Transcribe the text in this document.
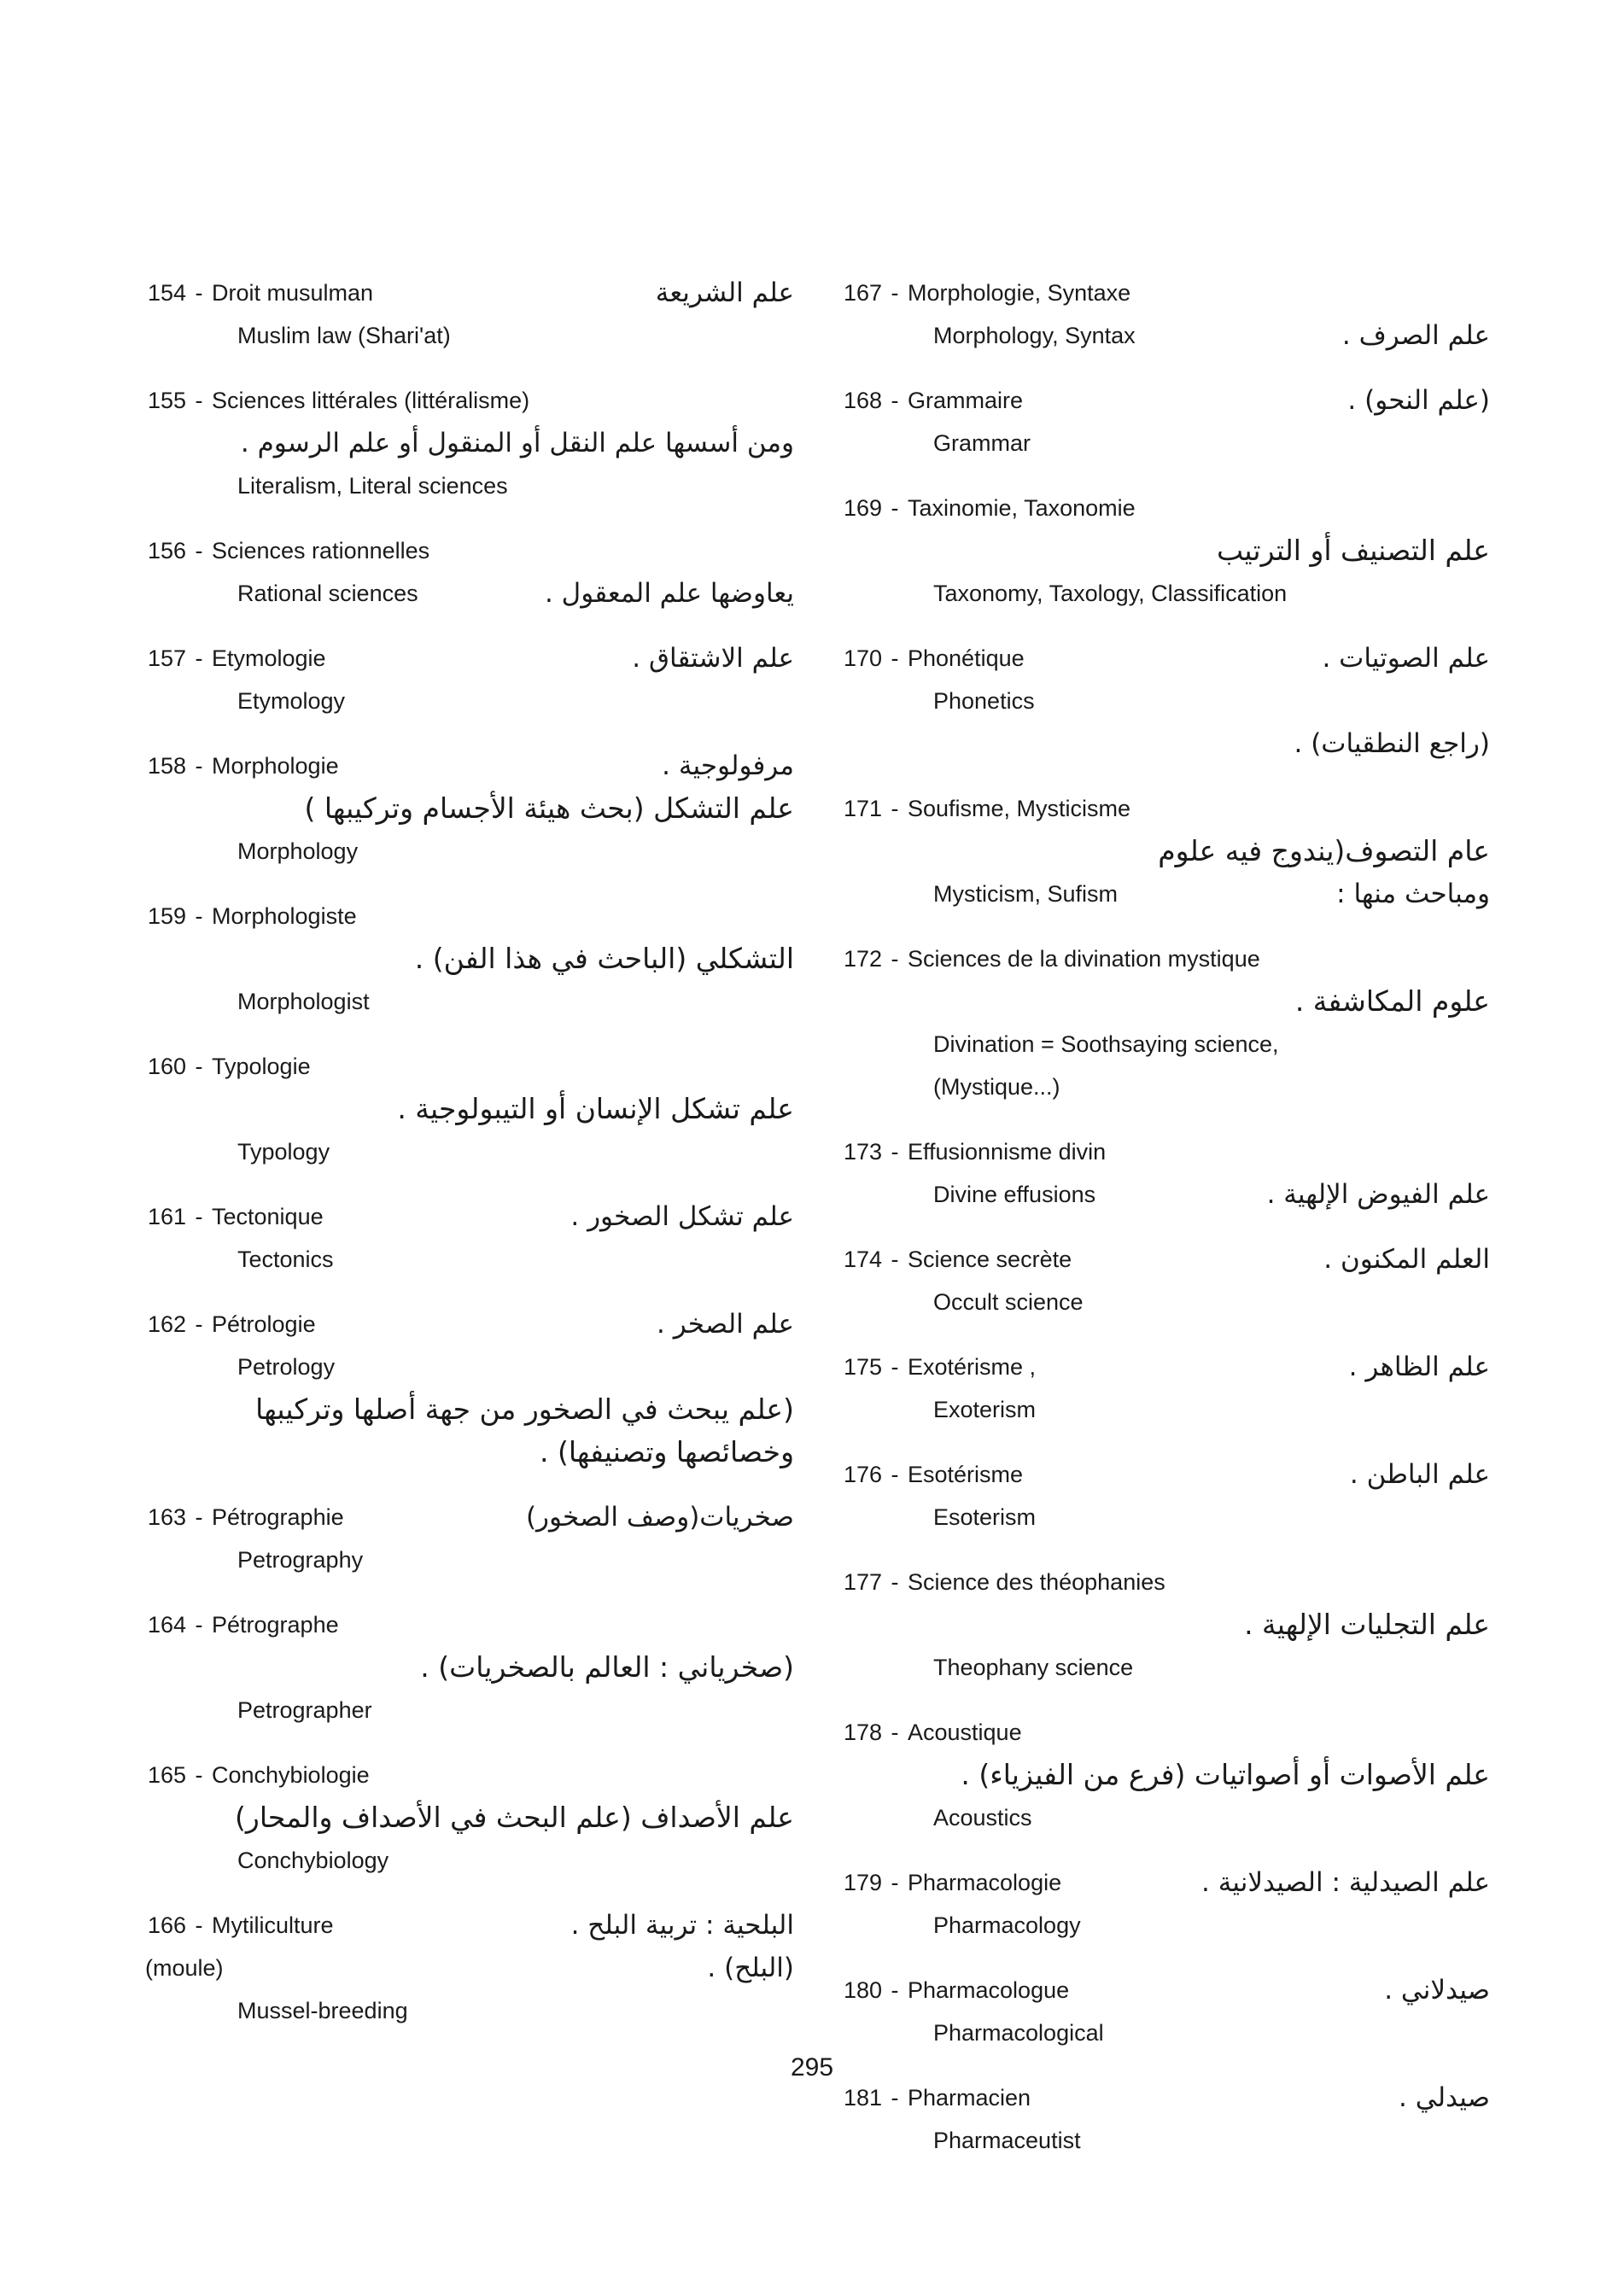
154 - Droit musulman	علم الشريعة
Muslim law (Shari'at)
155 - Sciences littérales (littéralisme)
ومن أسسها علم النقل أو المنقول أو علم الرسوم .
Literalism, Literal sciences
156 - Sciences rationnelles
Rational sciences	يعاوضها علم المعقول .
157 - Etymologie	علم الاشتقاق .
Etymology
158 - Morphologie	مرفولوجية .
علم التشكل (بحث هيئة الأجسام وتركيبها )
Morphology
159 - Morphologiste
التشكلي (الباحث في هذا الفن) .
Morphologist
160 - Typologie
علم تشكل الإنسان أو التيبولوجية .
Typology
161 - Tectonique	علم تشكل الصخور .
Tectonics
162 - Pétrologie	علم الصخر .
Petrology
(علم يبحث في الصخور من جهة أصلها وتركيبها
وخصائصها وتصنيفها) .
163 - Pétrographie	صخريات(وصف الصخور)
Petrography
164 - Pétrographe
(صخرياني : العالم بالصخريات) .
Petrographer
165 - Conchybiologie
علم الأصداف (علم البحث في الأصداف والمحار)
Conchybiology
166 - Mytiliculture	البلحية : تربية البلح .
(moule)	(البلح) .
Mussel-breeding
167 - Morphologie, Syntaxe
Morphology, Syntax	علم الصرف .
168 - Grammaire	(علم النحو) .
Grammar
169 - Taxinomie, Taxonomie
علم التصنيف أو الترتيب
Taxonomy, Taxology, Classification
170 - Phonétique	علم الصوتيات .
Phonetics
(راجع النطقيات) .
171 - Soufisme, Mysticisme
عام التصوف(يندوج فيه علوم
Mysticism, Sufism	ومباحث منها :
172 - Sciences de la divination mystique
علوم المكاشفة .
Divination = Soothsaying science,
(Mystique...)
173 - Effusionnisme divin
Divine effusions	علم الفيوض الإلهية .
174 - Science secrète	العلم المكنون .
Occult science
175 - Exotérisme ,	علم الظاهر .
Exoterism
176 - Esotérisme	علم الباطن .
Esoterism
177 - Science des théophanies
علم التجليات الإلهية .
Theophany science
178 - Acoustique
علم الأصوات أو أصواتيات (فرع من الفيزياء) .
Acoustics
179 - Pharmacologie	علم الصيدلية : الصيدلانية .
Pharmacology
180 - Pharmacologue	صيدلاني .
Pharmacological
181 - Pharmacien	صيدلي .
Pharmaceutist
295
